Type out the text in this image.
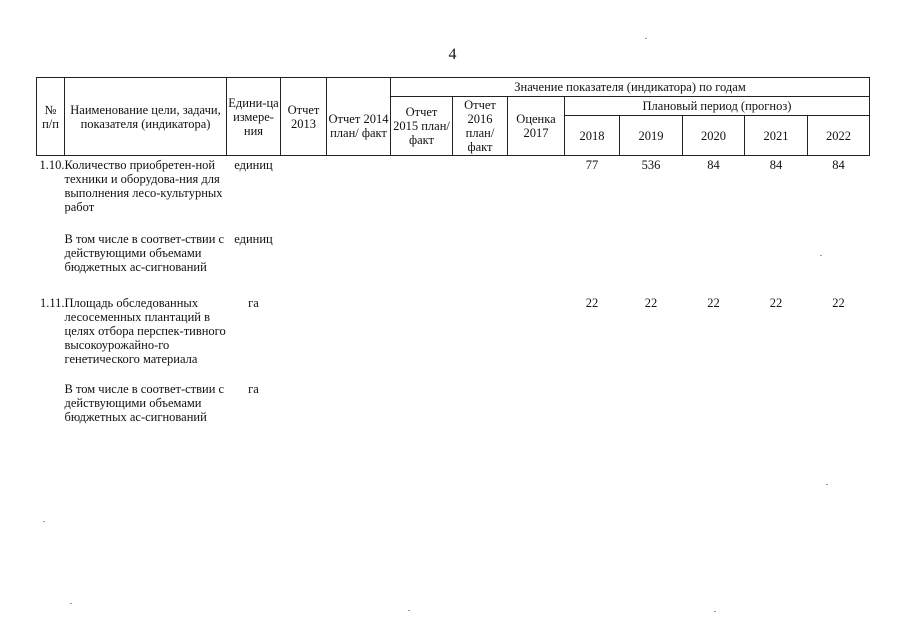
4
№ п/п	Наименование цели, задачи, показателя (индикатора)	Едини-ца измере-ния	Отчет 2013		Значение показателя (индикатора) по годам							
				Отчет 2014 план/ факт	Отчет 2015 план/ факт	Отчет 2016 план/ факт	Оценка 2017	Плановый период (прогноз)				
								2018	2019	2020	2021	2022
1.10.	Количество приобретен-ной техники и оборудова-ния для выполнения лесо-культурных работ	единиц						77	536	84	84	84
	В том числе в соответ-ствии с действующими объемами бюджетных ас-сигнований	единиц										
1.11.	Площадь обследованных лесосеменных плантаций в целях отбора перспек-тивного высокоурожайно-го генетического материала	га						22	22	22	22	22
	В том числе в соответ-ствии с действующими объемами бюджетных ас-сигнований	га										
